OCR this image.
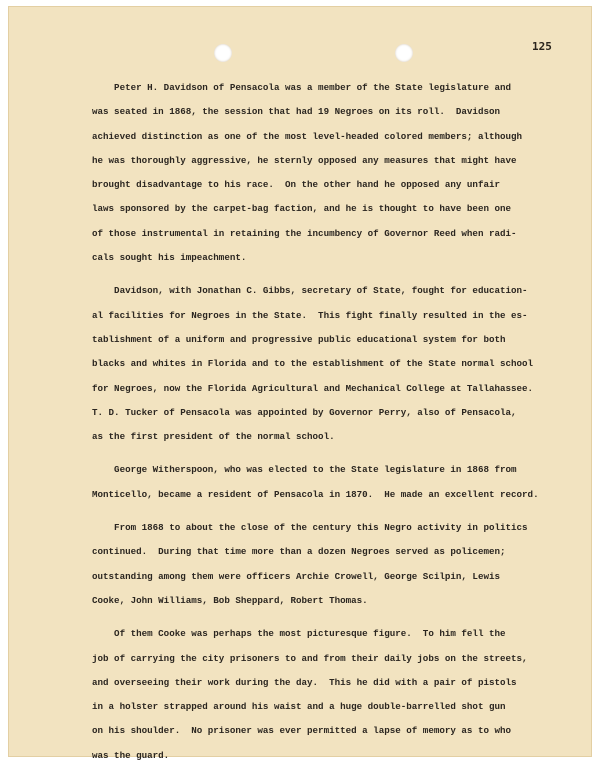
125
Peter H. Davidson of Pensacola was a member of the State legislature and
was seated in 1868, the session that had 19 Negroes on its roll.  Davidson
achieved distinction as one of the most level-headed colored members; although
he was thoroughly aggressive, he sternly opposed any measures that might have
brought disadvantage to his race.  On the other hand he opposed any unfair
laws sponsored by the carpet-bag faction, and he is thought to have been one
of those instrumental in retaining the incumbency of Governor Reed when radi-
cals sought his impeachment.
Davidson, with Jonathan C. Gibbs, secretary of State, fought for education-
al facilities for Negroes in the State.  This fight finally resulted in the es-
tablishment of a uniform and progressive public educational system for both
blacks and whites in Florida and to the establishment of the State normal school
for Negroes, now the Florida Agricultural and Mechanical College at Tallahassee.
T. D. Tucker of Pensacola was appointed by Governor Perry, also of Pensacola,
as the first president of the normal school.
George Witherspoon, who was elected to the State legislature in 1868 from
Monticello, became a resident of Pensacola in 1870.  He made an excellent record.
From 1868 to about the close of the century this Negro activity in politics
continued.  During that time more than a dozen Negroes served as policemen;
outstanding among them were officers Archie Crowell, George Scilpin, Lewis
Cooke, John Williams, Bob Sheppard, Robert Thomas.
Of them Cooke was perhaps the most picturesque figure.  To him fell the
job of carrying the city prisoners to and from their daily jobs on the streets,
and overseeing their work during the day.  This he did with a pair of pistols
in a holster strapped around his waist and a huge double-barrelled shot gun
on his shoulder.  No prisoner was ever permitted a lapse of memory as to who
was the guard.
